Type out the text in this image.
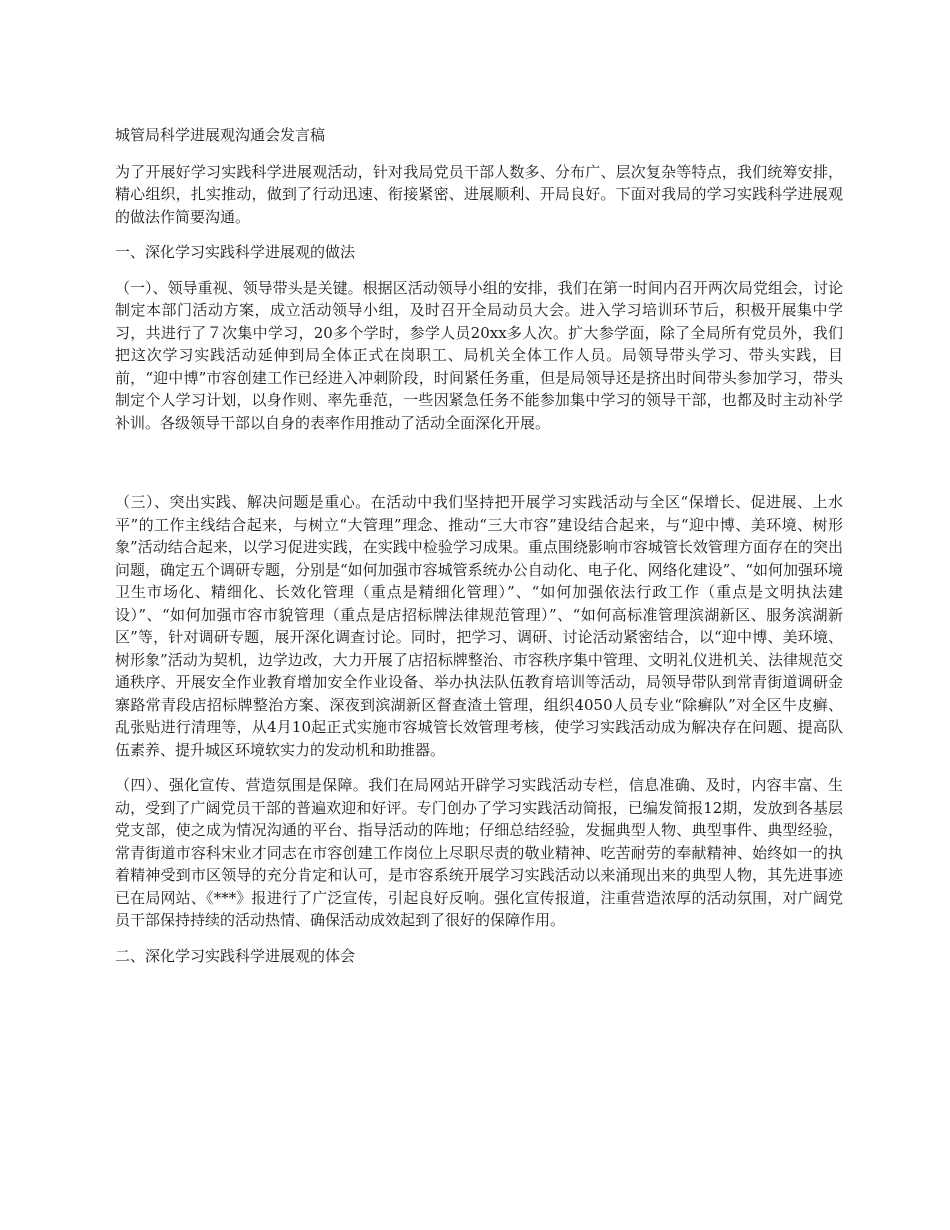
城管局科学进展观沟通会发言稿

为了开展好学习实践科学进展观活动，针对我局党员干部人数多、分布广、层次复杂等特点，我们统筹安排，精心组织，扎实推动，做到了行动迅速、衔接紧密、进展顺利、开局良好。下面对我局的学习实践科学进展观的做法作简要沟通。

一、深化学习实践科学进展观的做法

（一）、领导重视、领导带头是关键。根据区活动领导小组的安排，我们在第一时间内召开两次局党组会，讨论制定本部门活动方案，成立活动领导小组，及时召开全局动员大会。进入学习培训环节后，积极开展集中学习，共进行了７次集中学习，20多个学时，参学人员20xx多人次。扩大参学面，除了全局所有党员外，我们把这次学习实践活动延伸到局全体正式在岗职工、局机关全体工作人员。局领导带头学习、带头实践，目前，“迎中博”市容创建工作已经进入冲刺阶段，时间紧任务重，但是局领导还是挤出时间带头参加学习，带头制定个人学习计划，以身作则、率先垂范，一些因紧急任务不能参加集中学习的领导干部，也都及时主动补学补训。各级领导干部以自身的表率作用推动了活动全面深化开展。

（三）、突出实践、解决问题是重心。在活动中我们坚持把开展学习实践活动与全区“保增长、促进展、上水平”的工作主线结合起来，与树立“大管理”理念、推动“三大市容”建设结合起来，与“迎中博、美环境、树形象”活动结合起来，以学习促进实践，在实践中检验学习成果。重点围绕影响市容城管长效管理方面存在的突出问题，确定五个调研专题，分别是“如何加强市容城管系统办公自动化、电子化、网络化建设”、“如何加强环境卫生市场化、精细化、长效化管理（重点是精细化管理）”、“如何加强依法行政工作（重点是文明执法建设）”、“如何加强市容市貌管理（重点是店招标牌法律规范管理）”、“如何高标准管理滨湖新区、服务滨湖新区”等，针对调研专题，展开深化调查讨论。同时，把学习、调研、讨论活动紧密结合，以“迎中博、美环境、树形象”活动为契机，边学边改，大力开展了店招标牌整治、市容秩序集中管理、文明礼仪进机关、法律规范交通秩序、开展安全作业教育增加安全作业设备、举办执法队伍教育培训等活动，局领导带队到常青街道调研金寨路常青段店招标牌整治方案、深夜到滨湖新区督查渣土管理，组织4050人员专业“除癣队”对全区牛皮癣、乱张贴进行清理等，从4月10起正式实施市容城管长效管理考核，使学习实践活动成为解决存在问题、提高队伍素养、提升城区环境软实力的发动机和助推器。

（四）、强化宣传、营造氛围是保障。我们在局网站开辟学习实践活动专栏，信息准确、及时，内容丰富、生动，受到了广阔党员干部的普遍欢迎和好评。专门创办了学习实践活动简报，已编发简报12期，发放到各基层党支部，使之成为情况沟通的平台、指导活动的阵地；仔细总结经验，发掘典型人物、典型事件、典型经验，常青街道市容科宋业才同志在市容创建工作岗位上尽职尽责的敬业精神、吃苦耐劳的奉献精神、始终如一的执着精神受到市区领导的充分肯定和认可，是市容系统开展学习实践活动以来涌现出来的典型人物，其先进事迹已在局网站、《***》报进行了广泛宣传，引起良好反响。强化宣传报道，注重营造浓厚的活动氛围，对广阔党员干部保持持续的活动热情、确保活动成效起到了很好的保障作用。

二、深化学习实践科学进展观的体会
